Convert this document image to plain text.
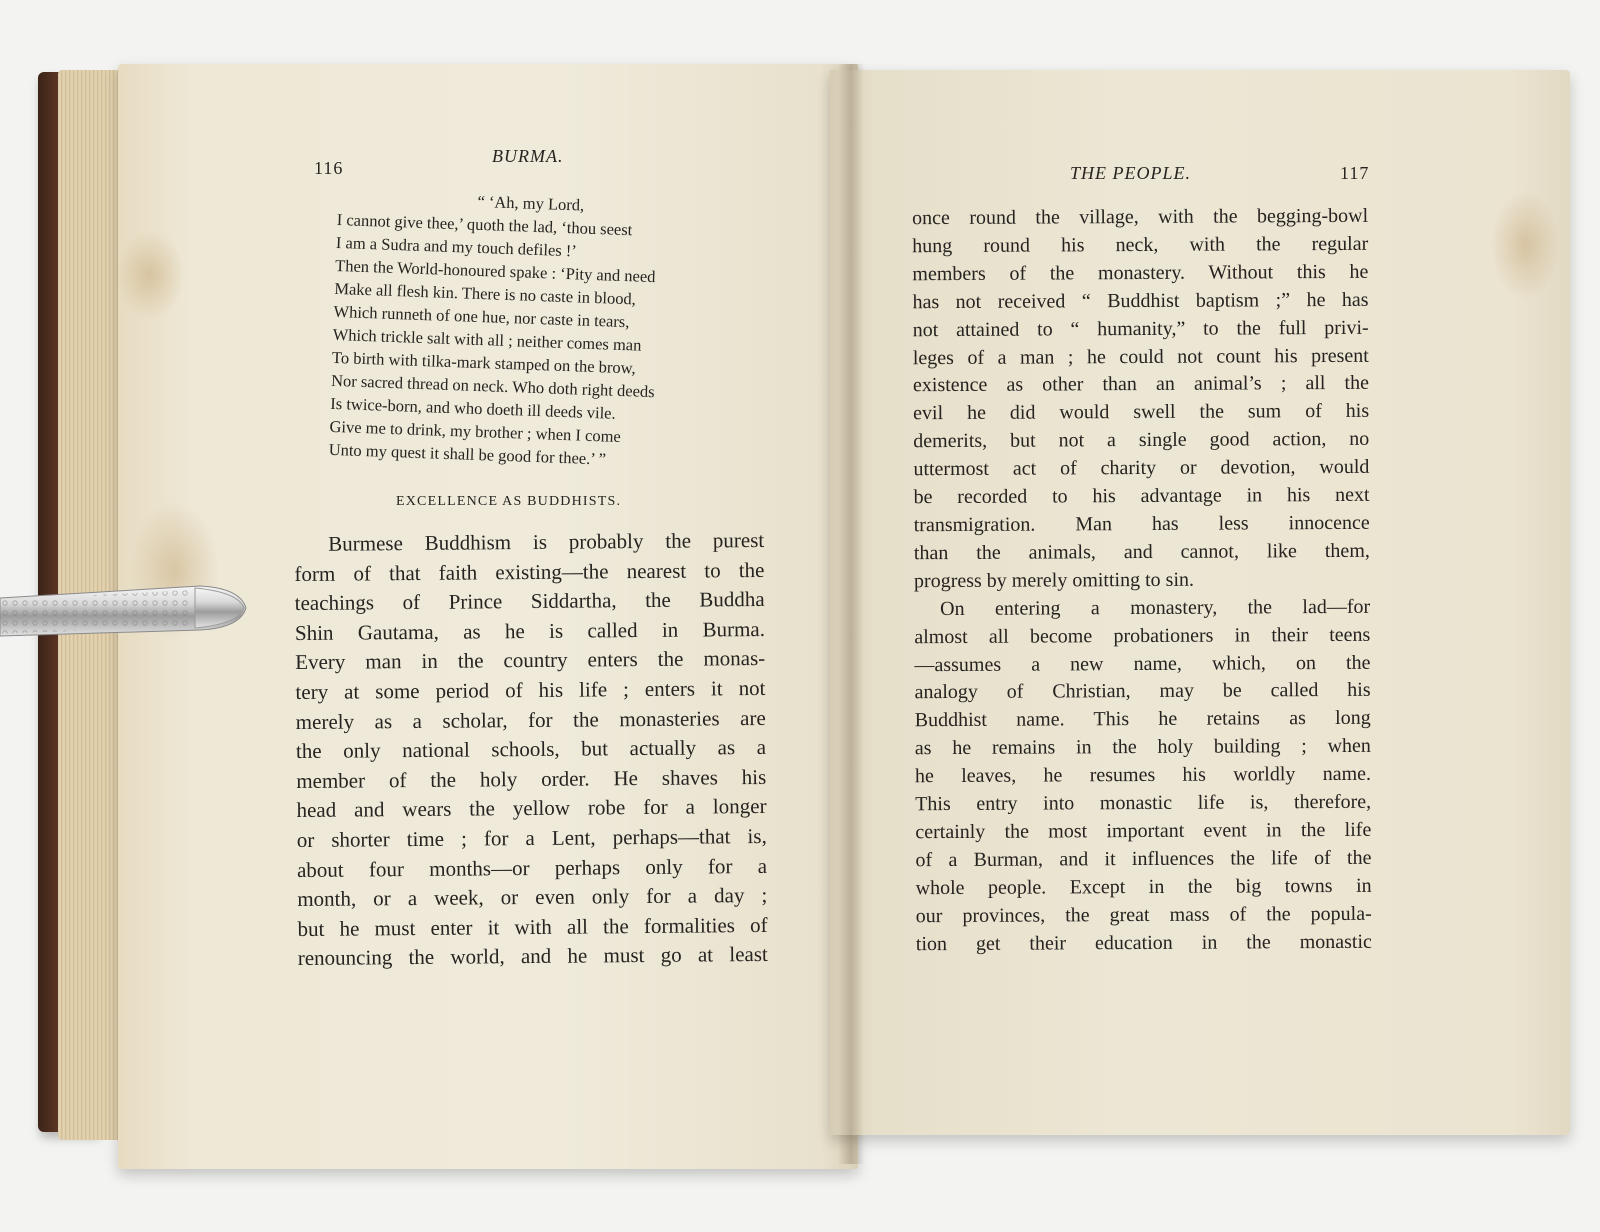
116
BURMA.
“ ‘Ah, my Lord,
I cannot give thee,’ quoth the lad, ‘thou seest
I am a Sudra and my touch defiles !’
Then the World-honoured spake : ‘Pity and need
Make all flesh kin. There is no caste in blood,
Which runneth of one hue, nor caste in tears,
Which trickle salt with all ; neither comes man
To birth with tilka-mark stamped on the brow,
Nor sacred thread on neck. Who doth right deeds
Is twice-born, and who doeth ill deeds vile.
Give me to drink, my brother ; when I come
Unto my quest it shall be good for thee.’ ”
EXCELLENCE AS BUDDHISTS.
Burmese Buddhism is probably the purest
form of that faith existing—the nearest to the
teachings of Prince Siddartha, the Buddha
Shin Gautama, as he is called in Burma.
Every man in the country enters the monas-
tery at some period of his life ; enters it not
merely as a scholar, for the monasteries are
the only national schools, but actually as a
member of the holy order. He shaves his
head and wears the yellow robe for a longer
or shorter time ; for a Lent, perhaps—that is,
about four months—or perhaps only for a
month, or a week, or even only for a day ;
but he must enter it with all the formalities of
renouncing the world, and he must go at least
THE PEOPLE.	117
once round the village, with the begging-bowl
hung round his neck, with the regular
members of the monastery. Without this he
has not received “ Buddhist baptism ;” he has
not attained to “ humanity,” to the full privi-
leges of a man ; he could not count his present
existence as other than an animal’s ; all the
evil he did would swell the sum of his
demerits, but not a single good action, no
uttermost act of charity or devotion, would
be recorded to his advantage in his next
transmigration. Man has less innocence
than the animals, and cannot, like them,
progress by merely omitting to sin.
On entering a monastery, the lad—for
almost all become probationers in their teens
—assumes a new name, which, on the
analogy of Christian, may be called his
Buddhist name. This he retains as long
as he remains in the holy building ; when
he leaves, he resumes his worldly name.
This entry into monastic life is, therefore,
certainly the most important event in the life
of a Burman, and it influences the life of the
whole people. Except in the big towns in
our provinces, the great mass of the popula-
tion get their education in the monastic
